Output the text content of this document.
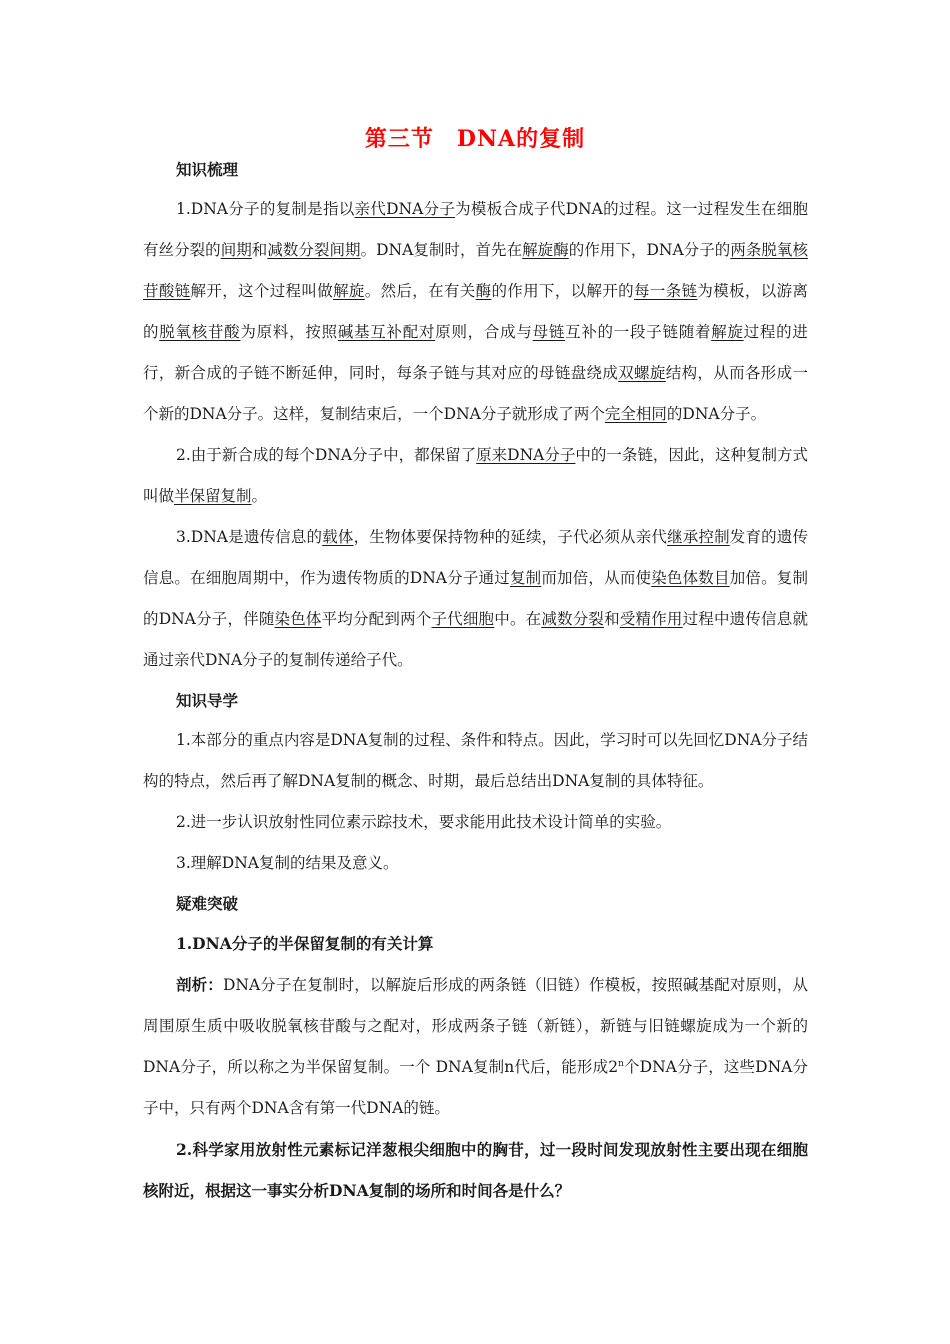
第三节　DNA的复制

知识梳理

1.DNA分子的复制是指以亲代DNA分子为模板合成子代DNA的过程。这一过程发生在细胞有丝分裂的间期和减数分裂间期。DNA复制时，首先在解旋酶的作用下，DNA分子的两条脱氧核苷酸链解开，这个过程叫做解旋。然后，在有关酶的作用下，以解开的每一条链为模板，以游离的脱氧核苷酸为原料，按照碱基互补配对原则，合成与母链互补的一段子链随着解旋过程的进行，新合成的子链不断延伸，同时，每条子链与其对应的母链盘绕成双螺旋结构，从而各形成一个新的DNA分子。这样，复制结束后，一个DNA分子就形成了两个完全相同的DNA分子。

2.由于新合成的每个DNA分子中，都保留了原来DNA分子中的一条链，因此，这种复制方式叫做半保留复制。

3.DNA是遗传信息的载体，生物体要保持物种的延续，子代必须从亲代继承控制发育的遗传信息。在细胞周期中，作为遗传物质的DNA分子通过复制而加倍，从而使染色体数目加倍。复制的DNA分子，伴随染色体平均分配到两个子代细胞中。在减数分裂和受精作用过程中遗传信息就通过亲代DNA分子的复制传递给子代。

知识导学

1.本部分的重点内容是DNA复制的过程、条件和特点。因此，学习时可以先回忆DNA分子结构的特点，然后再了解DNA复制的概念、时期，最后总结出DNA复制的具体特征。

2.进一步认识放射性同位素示踪技术，要求能用此技术设计简单的实验。

3.理解DNA复制的结果及意义。

疑难突破

1.DNA分子的半保留复制的有关计算

剖析：DNA分子在复制时，以解旋后形成的两条链（旧链）作模板，按照碱基配对原则，从周围原生质中吸收脱氧核苷酸与之配对，形成两条子链（新链），新链与旧链螺旋成为一个新的DNA分子，所以称之为半保留复制。一个 DNA复制n代后，能形成2$^n$个DNA分子，这些DNA分子中，只有两个DNA含有第一代DNA的链。

2.科学家用放射性元素标记洋葱根尖细胞中的胸苷，过一段时间发现放射性主要出现在细胞核附近，根据这一事实分析DNA复制的场所和时间各是什么？
